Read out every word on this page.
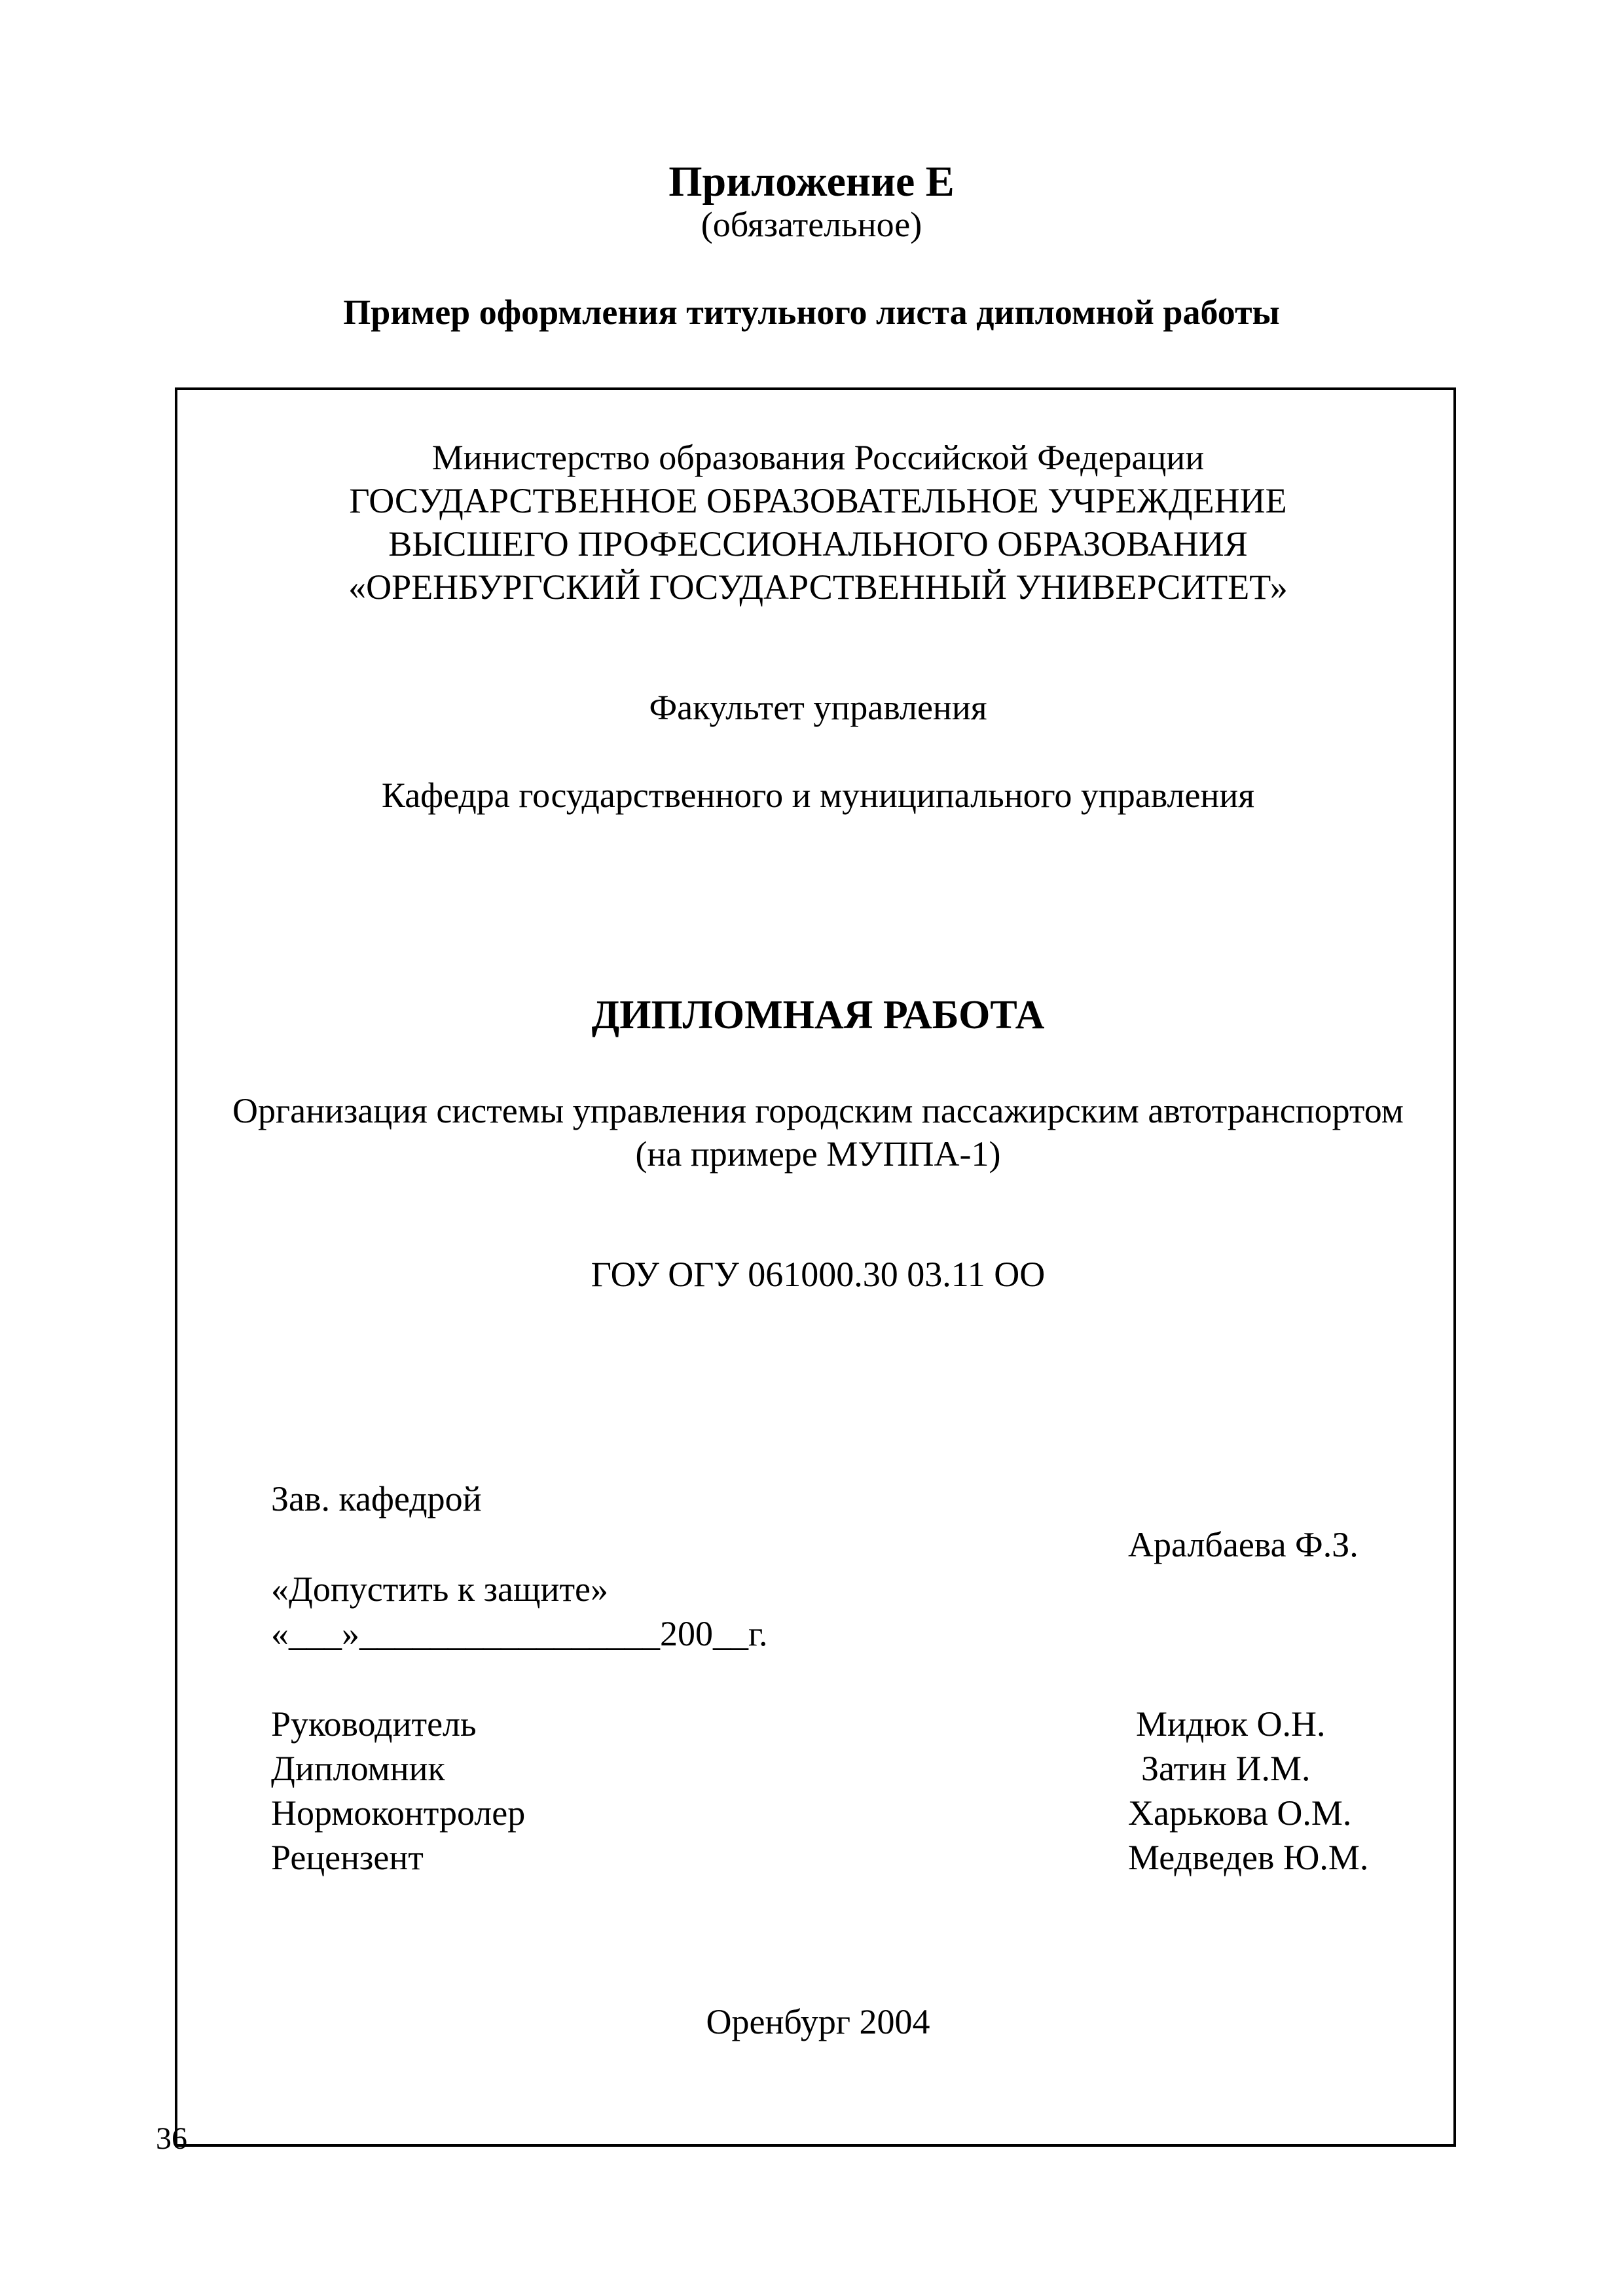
Приложение Е
(обязательное)
Пример оформления титульного листа дипломной работы
Министерство образования Российской Федерации
ГОСУДАРСТВЕННОЕ ОБРАЗОВАТЕЛЬНОЕ УЧРЕЖДЕНИЕ
ВЫСШЕГО ПРОФЕССИОНАЛЬНОГО ОБРАЗОВАНИЯ
«ОРЕНБУРГСКИЙ ГОСУДАРСТВЕННЫЙ УНИВЕРСИТЕТ»
Факультет управления
Кафедра государственного и муниципального управления
ДИПЛОМНАЯ РАБОТА
Организация системы управления городским пассажирским автотранспортом
(на примере МУППА-1)
ГОУ ОГУ 061000.30 03.11 ОО
Зав. кафедрой
Аралбаева Ф.З.
«Допустить к защите»
«___»_________________200__г.
Руководитель	Мидюк О.Н.
Дипломник	Затин И.М.
Нормоконтролер	Харькова О.М.
Рецензент	Медведев Ю.М.
Оренбург 2004
36
